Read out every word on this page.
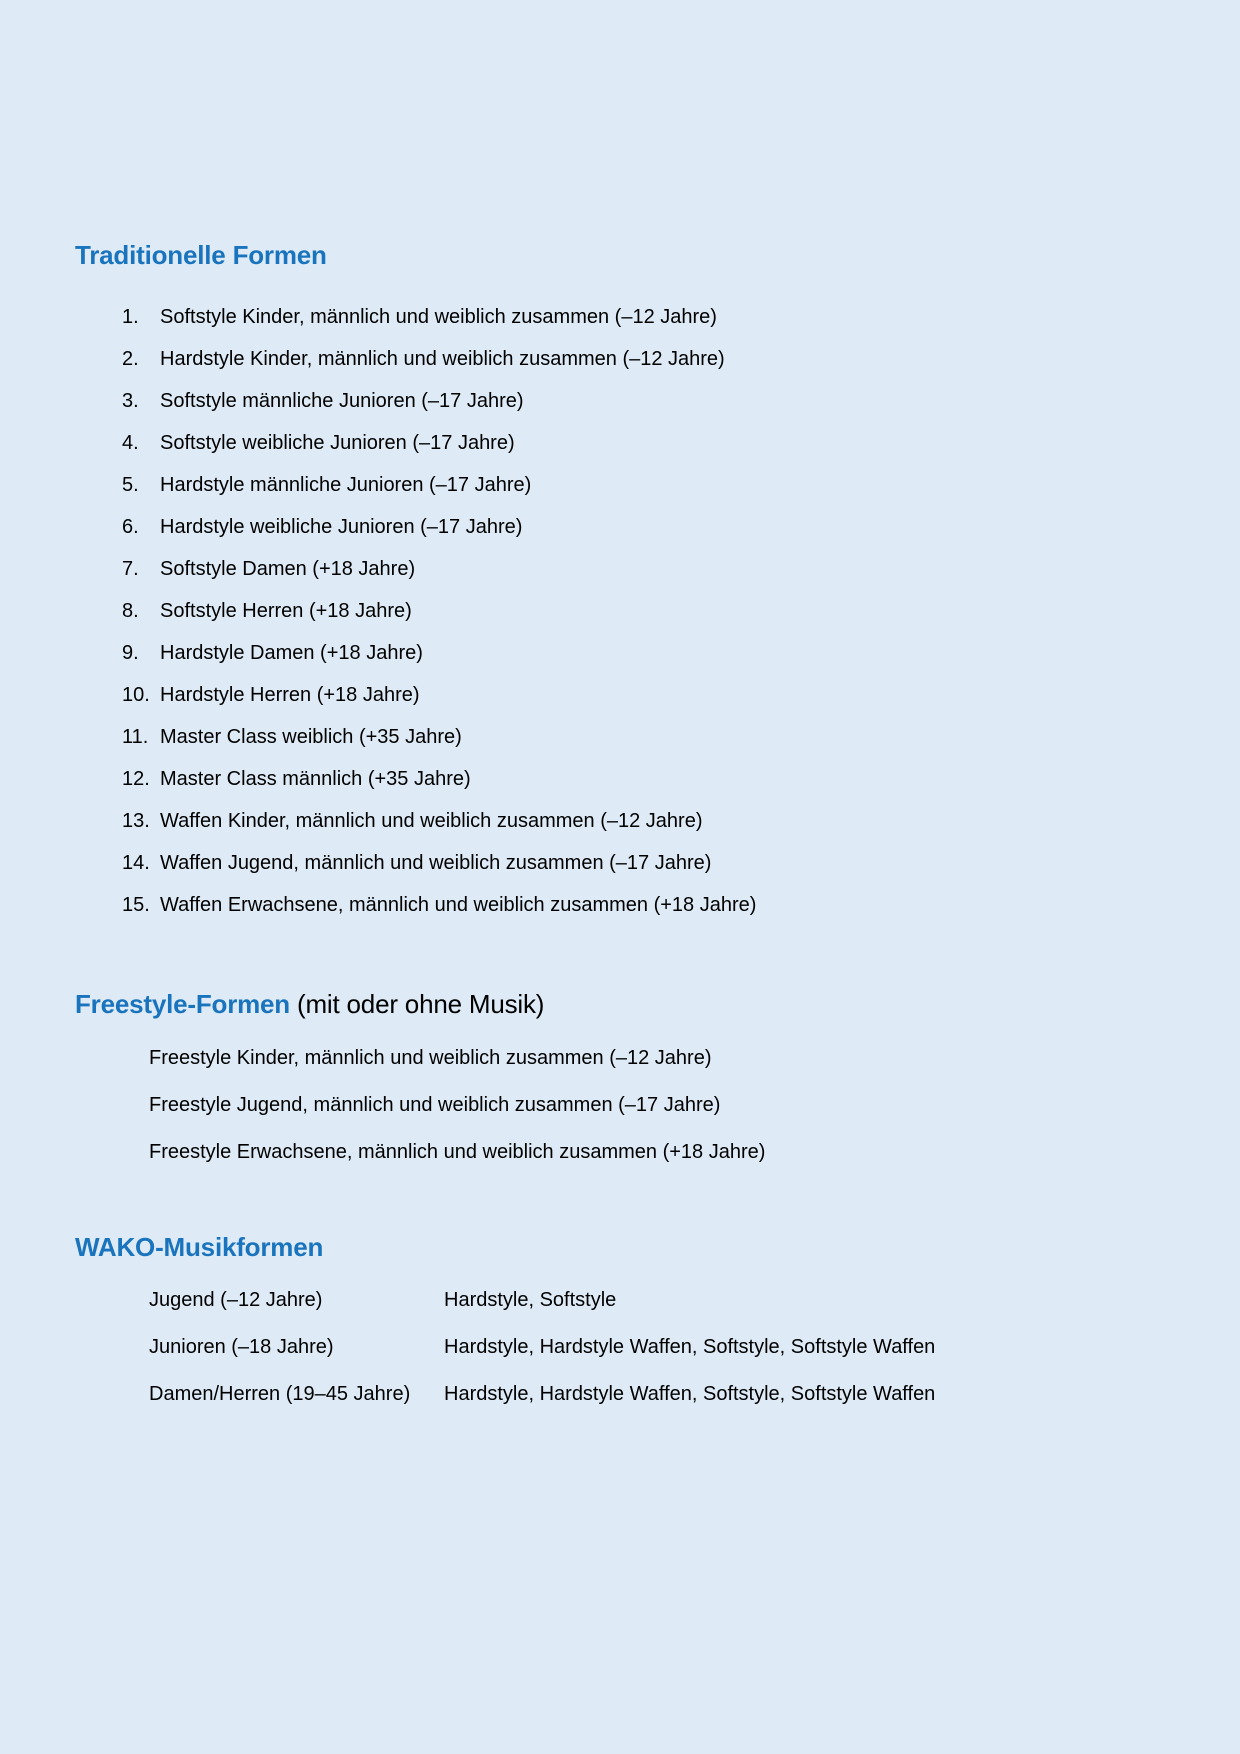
Traditionelle Formen
1.	Softstyle Kinder, männlich und weiblich zusammen (–12 Jahre)
2.	Hardstyle Kinder, männlich und weiblich zusammen (–12 Jahre)
3.	Softstyle männliche Junioren (–17 Jahre)
4.	Softstyle weibliche Junioren (–17 Jahre)
5.	Hardstyle männliche Junioren (–17 Jahre)
6.	Hardstyle weibliche Junioren (–17 Jahre)
7.	Softstyle Damen (+18 Jahre)
8.	Softstyle Herren (+18 Jahre)
9.	Hardstyle Damen (+18 Jahre)
10. Hardstyle Herren (+18 Jahre)
11. Master Class weiblich (+35 Jahre)
12. Master Class männlich (+35 Jahre)
13. Waffen Kinder, männlich und weiblich zusammen (–12 Jahre)
14. Waffen Jugend, männlich und weiblich zusammen (–17 Jahre)
15. Waffen Erwachsene, männlich und weiblich zusammen (+18 Jahre)
Freestyle-Formen (mit oder ohne Musik)
Freestyle Kinder, männlich und weiblich zusammen (–12 Jahre)
Freestyle Jugend, männlich und weiblich zusammen (–17 Jahre)
Freestyle Erwachsene, männlich und weiblich zusammen (+18 Jahre)
WAKO-Musikformen
Jugend (–12 Jahre)	Hardstyle, Softstyle
Junioren (–18 Jahre)	Hardstyle, Hardstyle Waffen, Softstyle, Softstyle Waffen
Damen/Herren (19–45 Jahre)	Hardstyle, Hardstyle Waffen, Softstyle, Softstyle Waffen
